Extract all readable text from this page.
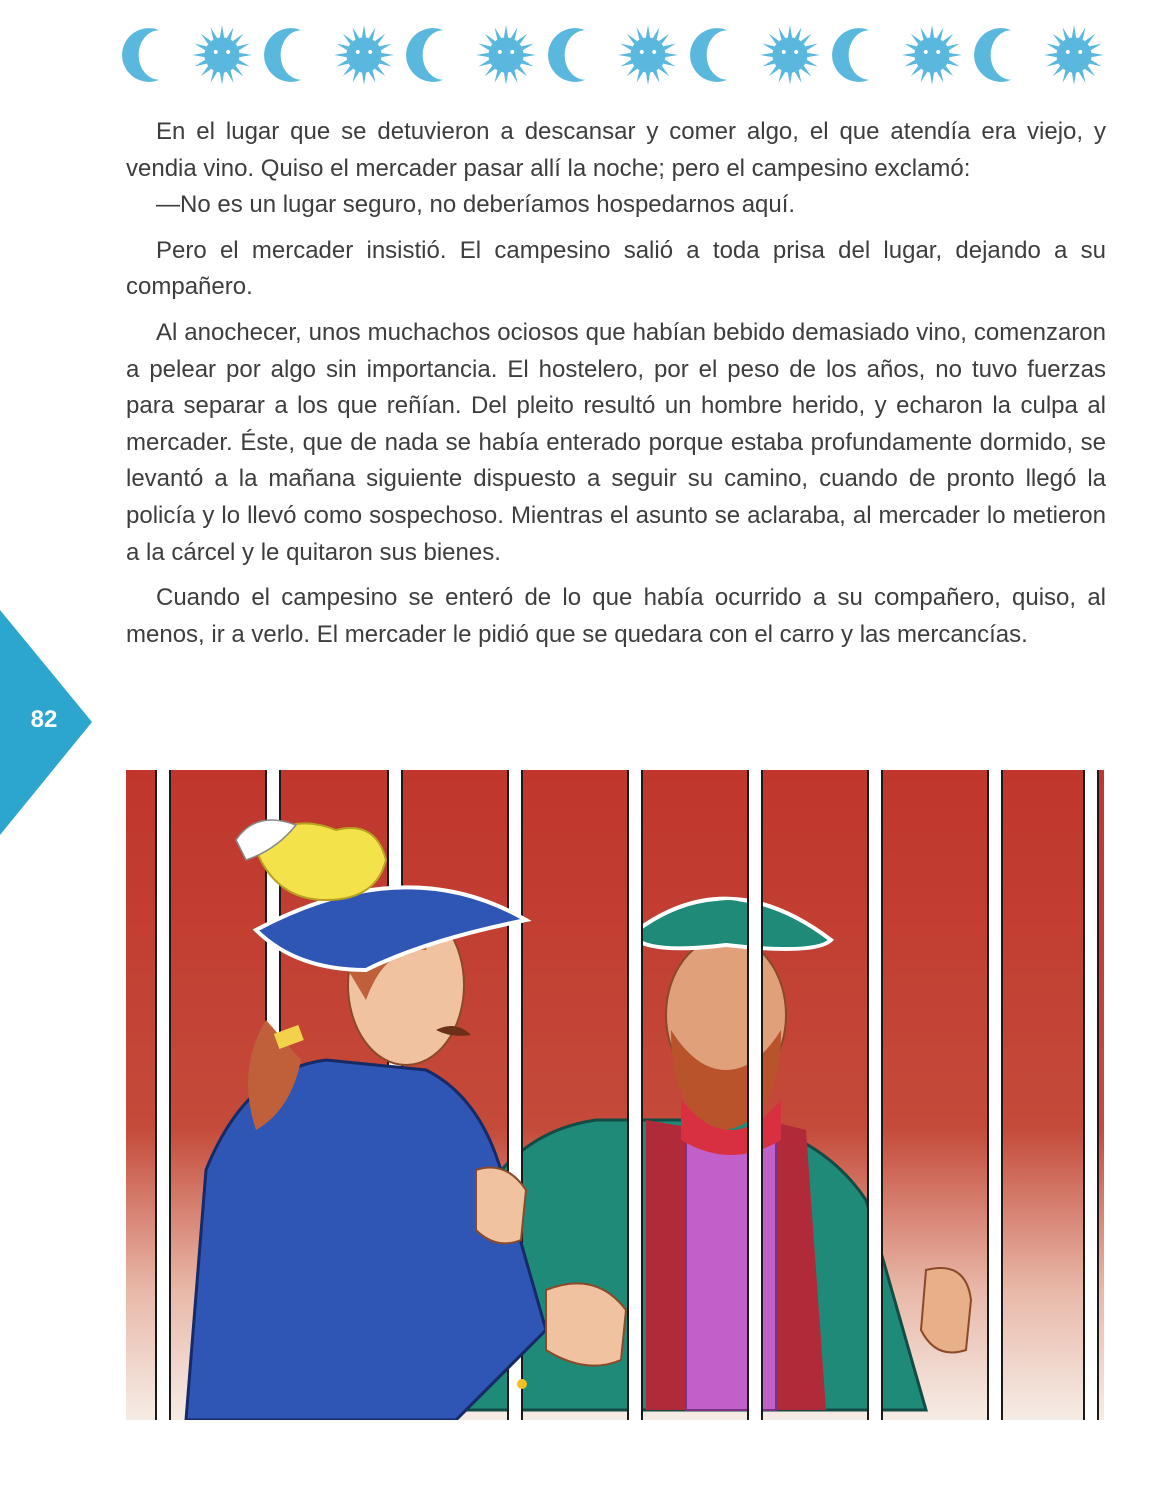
En el lugar que se detuvieron a descansar y comer algo, el que atendía era viejo, y vendia vino. Quiso el mercader pasar allí la noche; pero el campesino exclamó:

—No es un lugar seguro, no deberíamos hospedarnos aquí.

Pero el mercader insistió. El campesino salió a toda prisa del lugar, dejando a su compañero.

Al anochecer, unos muchachos ociosos que habían bebido demasiado vino, comenzaron a pelear por algo sin importancia. El hostelero, por el peso de los años, no tuvo fuerzas para separar a los que reñían. Del pleito resultó un hombre herido, y echaron la culpa al mercader. Éste, que de nada se había enterado porque estaba profundamente dormido, se levantó a la mañana siguiente dispuesto a seguir su camino, cuando de pronto llegó la policía y lo llevó como sospechoso. Mientras el asunto se aclaraba, al mercader lo metieron a la cárcel y le quitaron sus bienes.

Cuando el campesino se enteró de lo que había ocurrido a su compañero, quiso, al menos, ir a verlo. El mercader le pidió que se quedara con el carro y las mercancías.

82
